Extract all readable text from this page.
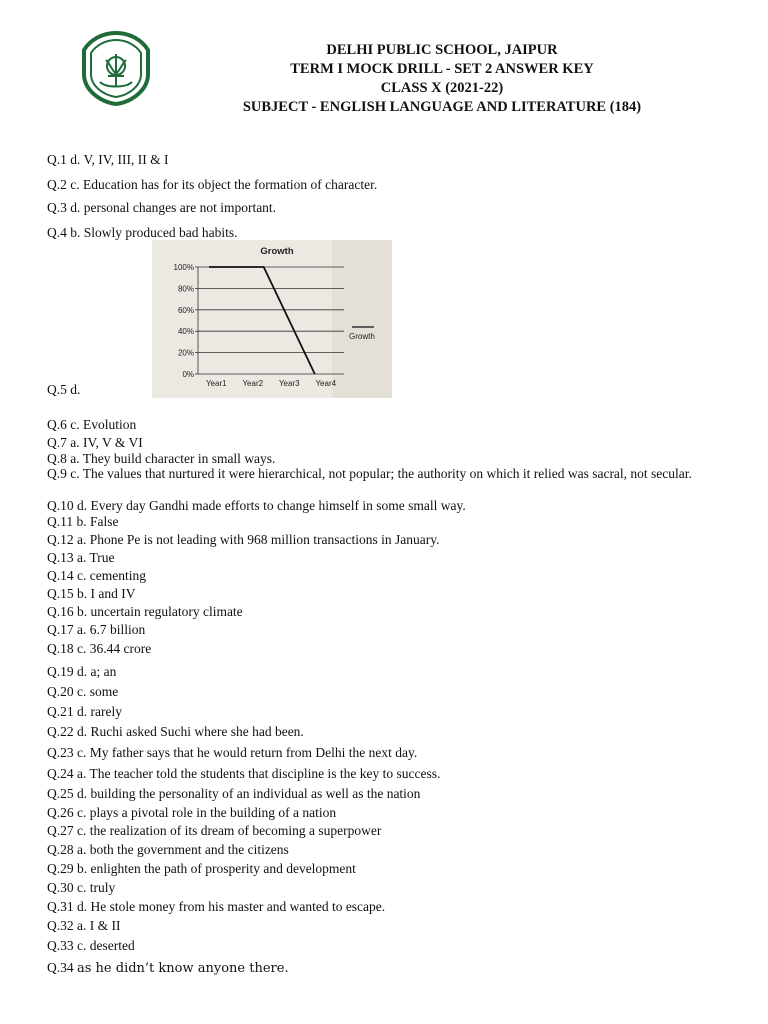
DELHI PUBLIC SCHOOL, JAIPUR
TERM I MOCK DRILL - SET 2 ANSWER KEY
CLASS X (2021-22)
SUBJECT - ENGLISH LANGUAGE AND LITERATURE (184)
Q.1 d. V, IV, III, II & I
Q.2 c. Education has for its object the formation of character.
Q.3 d. personal changes are not important.
Q.4 b. Slowly produced bad habits.
Q.5 d.
Q.6 c. Evolution
Q.7 a. IV, V & VI
Q.8 a. They build character in small ways.
Q.9 c. The values that nurtured it were hierarchical, not popular; the authority on which it relied was sacral, not secular.
Q.10 d. Every day Gandhi made efforts to change himself in some small way.
Q.11 b. False
Q.12 a. Phone Pe is not leading with 968 million transactions in January.
Q.13 a. True
Q.14 c. cementing
Q.15 b. I and IV
Q.16 b. uncertain regulatory climate
Q.17 a. 6.7 billion
Q.18 c. 36.44 crore
Q.19 d. a; an
Q.20 c. some
Q.21 d. rarely
Q.22 d. Ruchi asked Suchi where she had been.
Q.23 c. My father says that he would return from Delhi the next day.
Q.24 a. The teacher told the students that discipline is the key to success.
Q.25 d. building the personality of an individual as well as the nation
Q.26 c. plays a pivotal role in the building of a nation
Q.27 c. the realization of its dream of becoming a superpower
Q.28 a. both the government and the citizens
Q.29 b. enlighten the path of prosperity and development
Q.30 c. truly
Q.31 d. He stole money from his master and wanted to escape.
Q.32 a. I & II
Q.33 c. deserted
Q.34 as he didn’t know anyone there.
Growth
0%
20%
40%
60%
80%
100%
Year1 Year2 Year3 Year4
Growth
